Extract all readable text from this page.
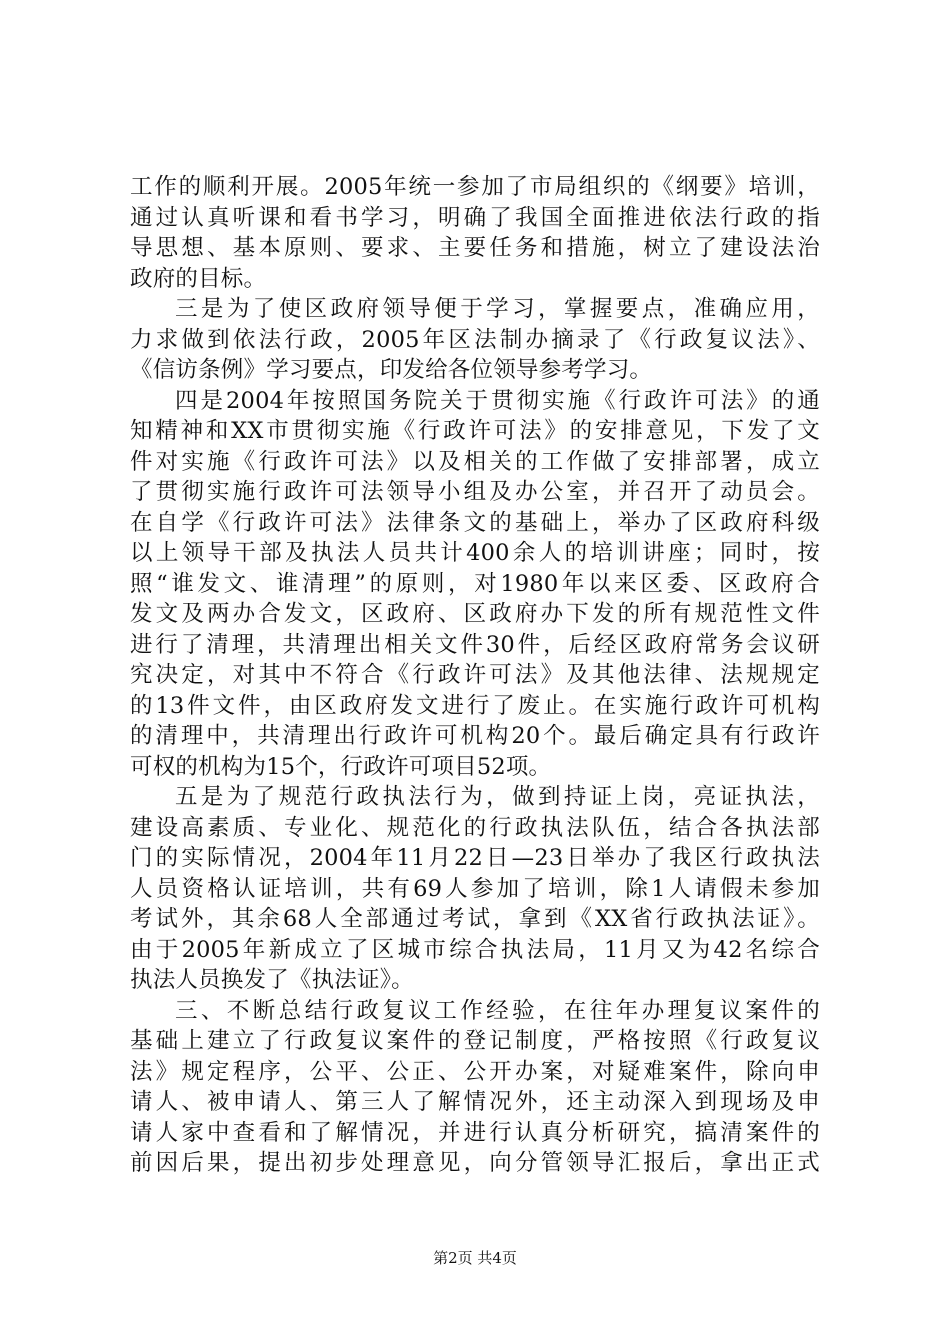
工作的顺利开展。2005年统一参加了市局组织的《纲要》培训，
通过认真听课和看书学习，明确了我国全面推进依法行政的指
导思想、基本原则、要求、主要任务和措施，树立了建设法治
政府的目标。
三是为了使区政府领导便于学习，掌握要点，准确应用，
力求做到依法行政，2005年区法制办摘录了《行政复议法》、
《信访条例》学习要点，印发给各位领导参考学习。
四是2004年按照国务院关于贯彻实施《行政许可法》的通
知精神和XX市贯彻实施《行政许可法》的安排意见，下发了文
件对实施《行政许可法》以及相关的工作做了安排部署，成立
了贯彻实施行政许可法领导小组及办公室，并召开了动员会。
在自学《行政许可法》法律条文的基础上，举办了区政府科级
以上领导干部及执法人员共计400余人的培训讲座；同时，按
照“谁发文、谁清理”的原则，对1980年以来区委、区政府合
发文及两办合发文，区政府、区政府办下发的所有规范性文件
进行了清理，共清理出相关文件30件，后经区政府常务会议研
究决定，对其中不符合《行政许可法》及其他法律、法规规定
的13件文件，由区政府发文进行了废止。在实施行政许可机构
的清理中，共清理出行政许可机构20个。最后确定具有行政许
可权的机构为15个，行政许可项目52项。
五是为了规范行政执法行为，做到持证上岗，亮证执法，
建设高素质、专业化、规范化的行政执法队伍，结合各执法部
门的实际情况，2004年11月22日—23日举办了我区行政执法
人员资格认证培训，共有69人参加了培训，除1人请假未参加
考试外，其余68人全部通过考试，拿到《XX省行政执法证》。
由于2005年新成立了区城市综合执法局，11月又为42名综合
执法人员换发了《执法证》。
三、不断总结行政复议工作经验，在往年办理复议案件的
基础上建立了行政复议案件的登记制度，严格按照《行政复议
法》规定程序，公平、公正、公开办案，对疑难案件，除向申
请人、被申请人、第三人了解情况外，还主动深入到现场及申
请人家中查看和了解情况，并进行认真分析研究，搞清案件的
前因后果，提出初步处理意见，向分管领导汇报后，拿出正式
第2页 共4页
